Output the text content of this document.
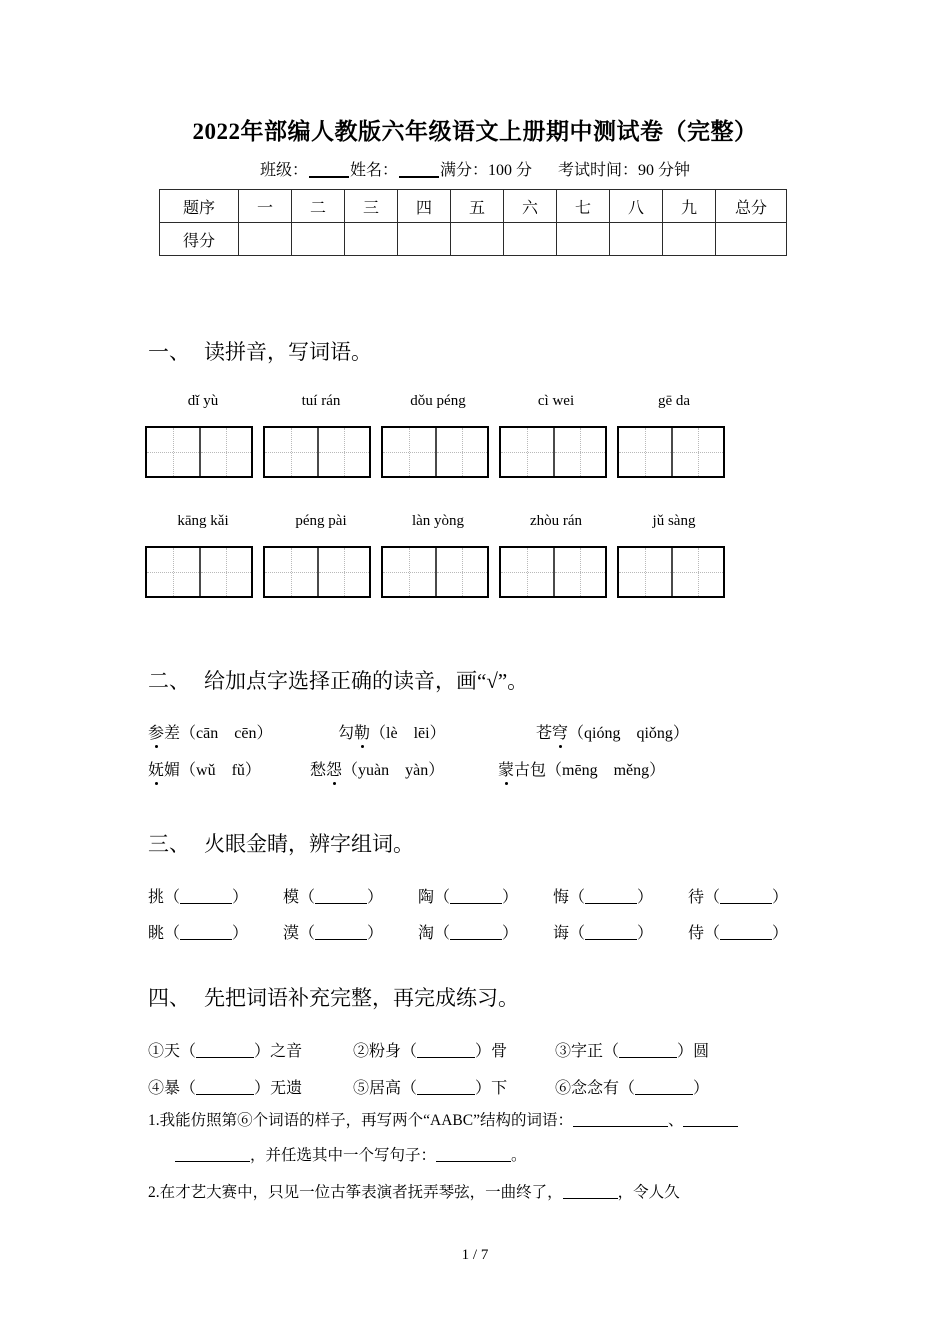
2022年部编人教版六年级语文上册期中测试卷（完整）
班级：	姓名：	满分：100 分 考试时间：90 分钟
题序	一	二	三	四	五	六	七	八	九	总分
得分										
一、 读拼音，写词语。
dǐ yù	tuí rán	dǒu péng	cì wei	gē da
kāng kǎi	péng pài	làn yòng	zhòu rán	jǔ sàng
二、 给加点字选择正确的读音，画“√”。
参差（cān　cēn）	勾勒（lè　lēi）	苍穹（qióng　qiǒng）
妩媚（wǔ　fǔ）	愁怨（yuàn　yàn）	蒙古包（mēng　měng）
三、 火眼金睛，辨字组词。
挑（	） 模（	） 陶（	） 悔（	） 待（	）
眺（	） 漠（	） 淘（	） 诲（	） 侍（	）
四、 先把词语补充完整，再完成练习。
①天（	）之音	②粉身（	）骨	③字正（	）圆
④暴（	）无遗	⑤居高（	）下	⑥念念有（	）
1.我能仿照第⑥个词语的样子，再写两个“AABC”结构的词语：	、
，并任选其中一个写句子：	。
2.在才艺大赛中，只见一位古筝表演者抚弄琴弦，一曲终了，	，令人久
1 / 7
